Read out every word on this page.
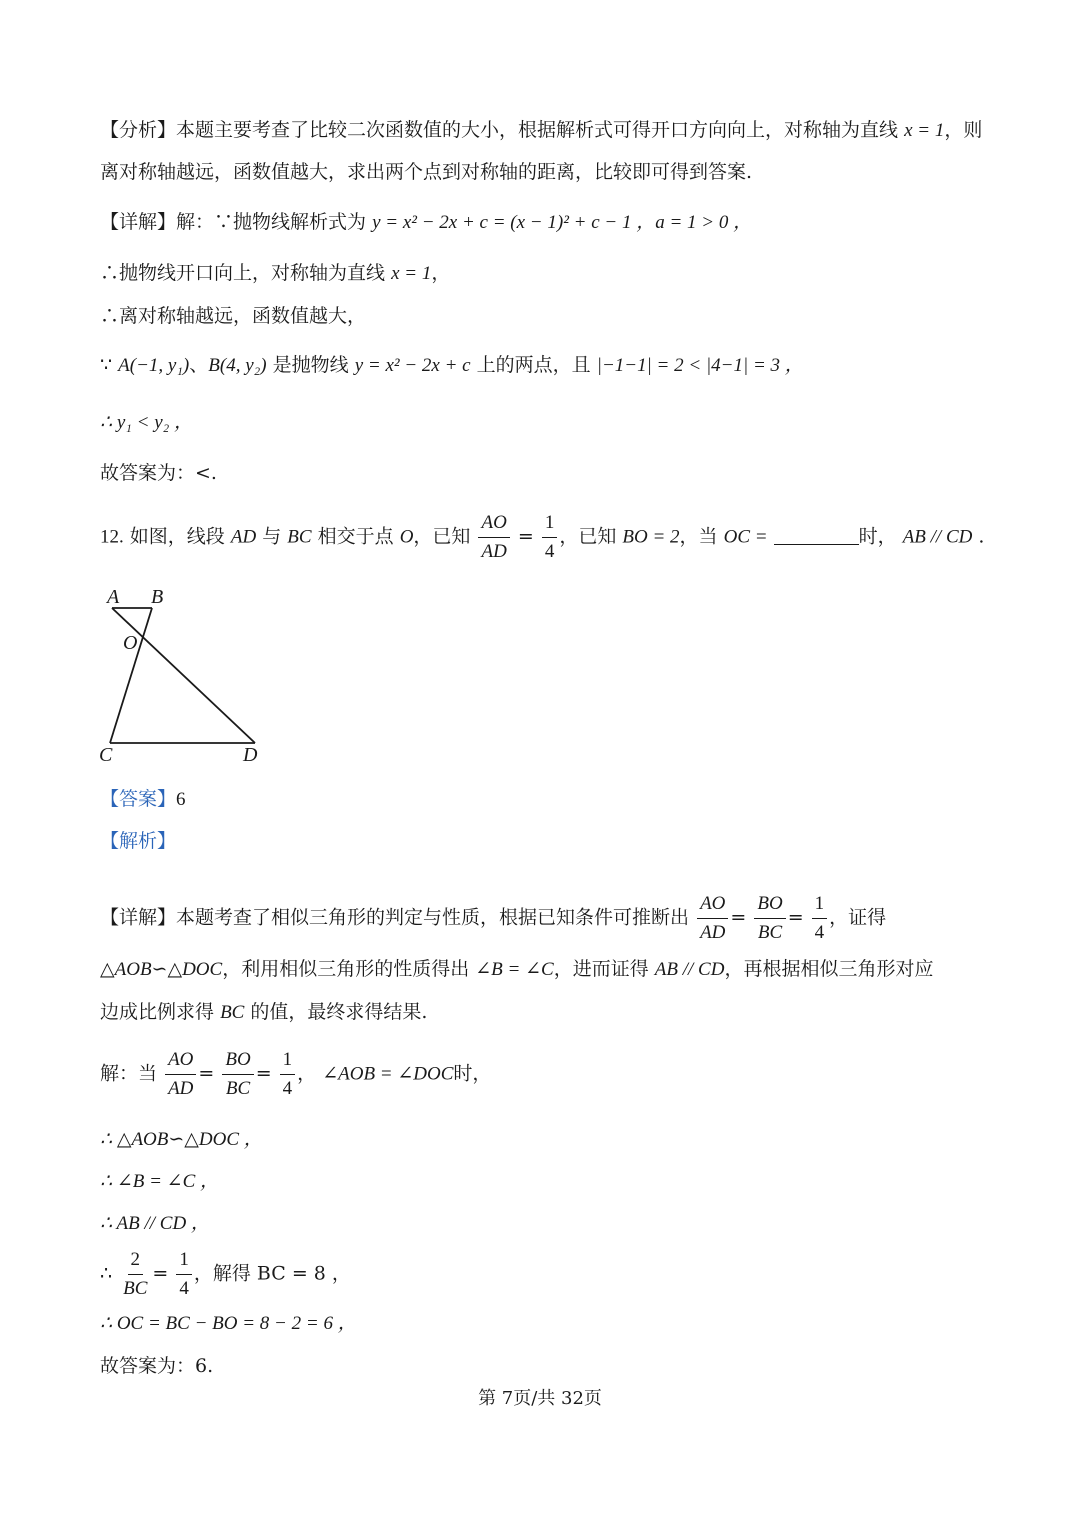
【分析】本题主要考查了比较二次函数值的大小，根据解析式可得开口方向向上，对称轴为直线 x = 1，则
离对称轴越远，函数值越大，求出两个点到对称轴的距离，比较即可得到答案.
【详解】解：∵抛物线解析式为 y = x² − 2x + c = (x − 1)² + c − 1 ，a = 1 > 0 ，
∴抛物线开口向上，对称轴为直线 x = 1，
∴离对称轴越远，函数值越大，
∵ A(−1, y₁)、B(4, y₂) 是抛物线 y = x² − 2x + c 上的两点，且 |−1−1| = 2 < |4−1| = 3 ，
∴ y₁ < y₂ ，
故答案为：<.
12. 如图，线段 AD 与 BC 相交于点 O，已知 $\frac{AO}{AD} = \frac{1}{4}$ ，已知 BO = 2，当 OC =	时， AB // CD .
A B
O
C	D
【答案】6
【解析】
【详解】本题考查了相似三角形的判定与性质，根据已知条件可推断出 $\frac{AO}{AD} = \frac{BO}{BC} = \frac{1}{4}$ ，证得
△AOB∽△DOC，利用相似三角形的性质得出 ∠B = ∠C，进而证得 AB // CD，再根据相似三角形对应
边成比例求得 BC 的值，最终求得结果.
解：当 $\frac{AO}{AD} = \frac{BO}{BC} = \frac{1}{4}$ ， ∠AOB = ∠DOC时，
∴ △AOB∽△DOC ，
∴ ∠B = ∠C ，
∴ AB // CD ，
∴ $\frac{2}{BC} = \frac{1}{4}$ ，解得 BC = 8 ，
∴ OC = BC − BO = 8 − 2 = 6 ，
故答案为：6.
第 7页/共 32页
